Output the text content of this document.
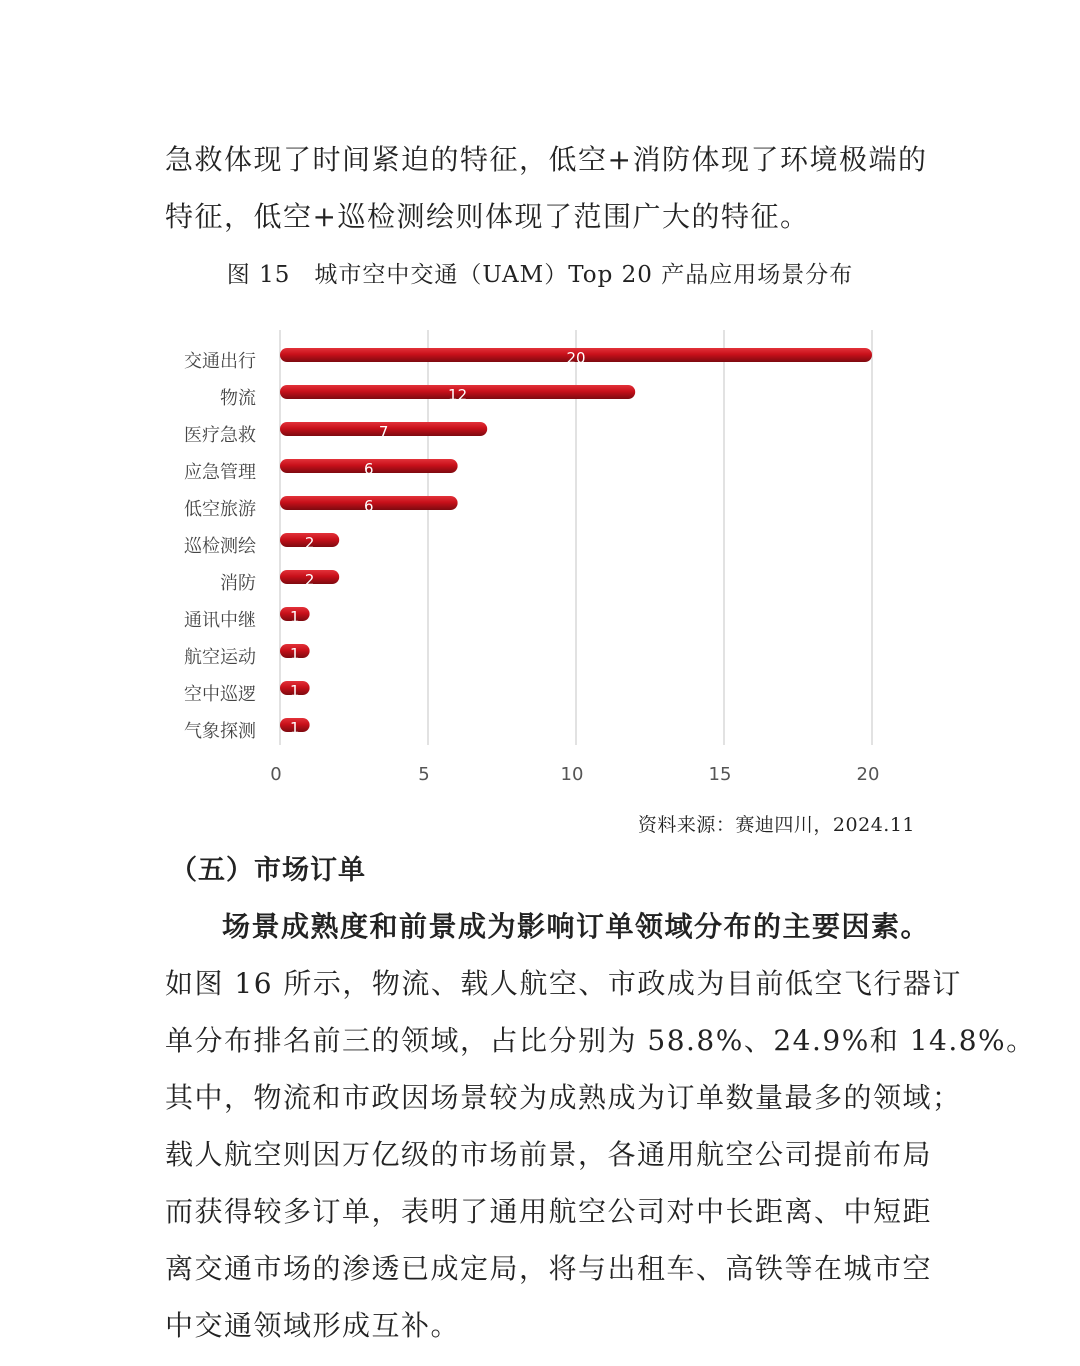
急救体现了时间紧迫的特征，低空+消防体现了环境极端的

特征，低空+巡检测绘则体现了范围广大的特征。

图 15　城市空中交通（UAM）Top 20 产品应用场景分布
0	5	10	15	20
交通出行	20
物流	12
医疗急救	7
应急管理	6
低空旅游	6
巡检测绘	2
消防	2
通讯中继 1
航空运动 1
空中巡逻 1
气象探测 1
资料来源：赛迪四川，2024.11
（五）市场订单

场景成熟度和前景成为影响订单领域分布的主要因素。

如图 16 所示，物流、载人航空、市政成为目前低空飞行器订

单分布排名前三的领域，占比分别为 58.8%、24.9%和 14.8%。

其中，物流和市政因场景较为成熟成为订单数量最多的领域；

载人航空则因万亿级的市场前景，各通用航空公司提前布局

而获得较多订单，表明了通用航空公司对中长距离、中短距

离交通市场的渗透已成定局，将与出租车、高铁等在城市空

中交通领域形成互补。
